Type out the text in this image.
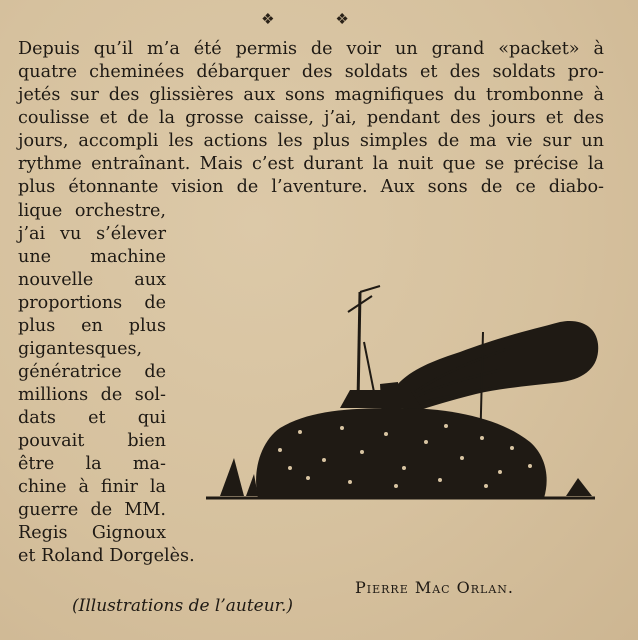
❖ ❖
Depuis qu’il m’a été permis de voir un grand «packet» à
quatre cheminées débarquer des soldats et des soldats pro-
jetés sur des glissières aux sons magnifiques du trombonne à
coulisse et de la grosse caisse, j’ai, pendant des jours et des
jours, accompli les actions les plus simples de ma vie sur un
rythme entraînant. Mais c’est durant la nuit que se précise la
plus étonnante vision de l’aventure. Aux sons de ce diabo-
lique orchestre,
j’ai vu s’élever
une machine
nouvelle aux
proportions de
plus en plus
gigantesques,
génératrice de
millions de sol-
dats et qui
pouvait bien
être la ma-
chine à finir la
guerre de MM.
Regis Gignoux
et Roland Dorgelès.
Pierre Mac Orlan.
(Illustrations de l’auteur.)
